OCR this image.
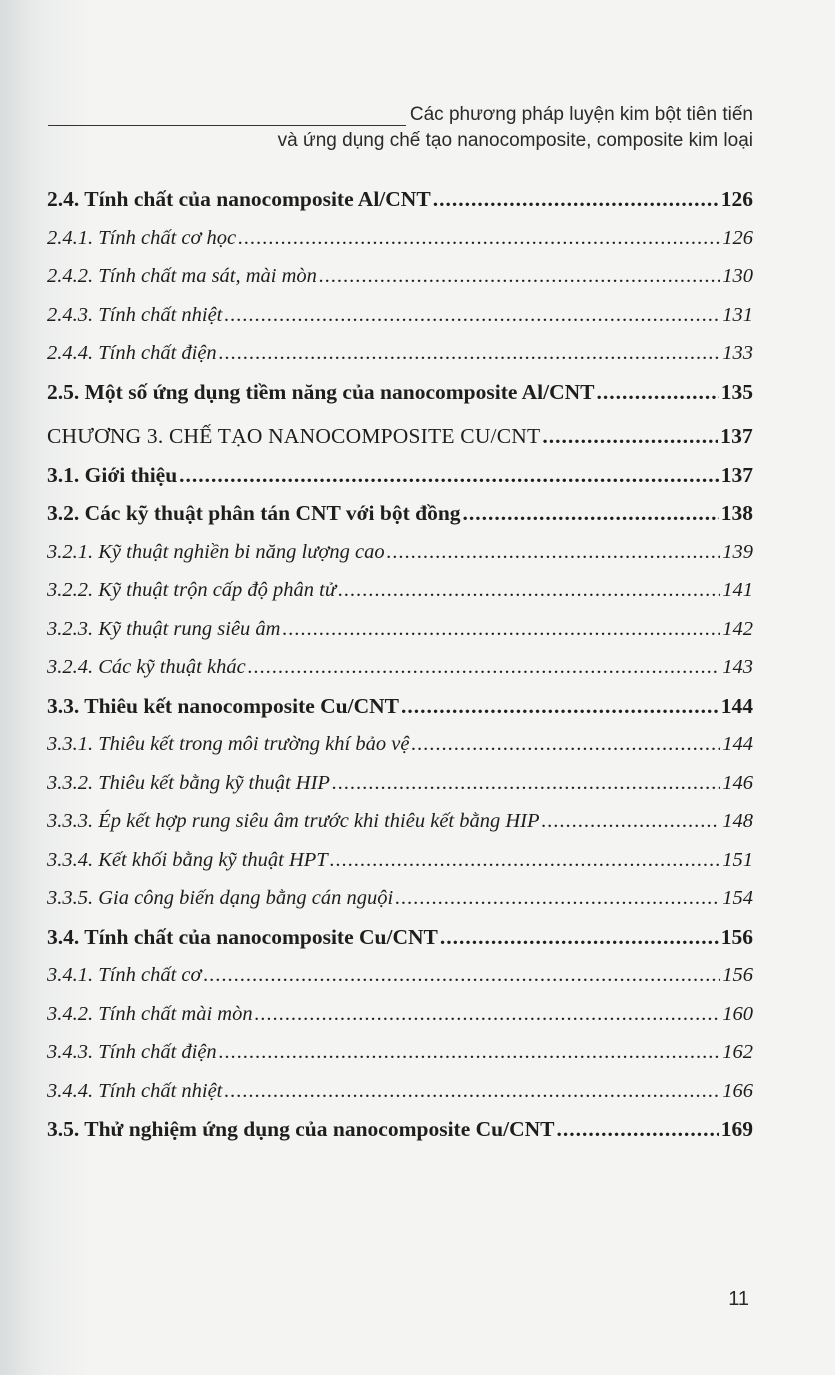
Các phương pháp luyện kim bột tiên tiến
và ứng dụng chế tạo nanocomposite, composite kim loại
2.4. Tính chất của nanocomposite Al/CNT .....	126
2.4.1. Tính chất cơ học .....	126
2.4.2. Tính chất ma sát, mài mòn .....	130
2.4.3. Tính chất nhiệt .....	131
2.4.4. Tính chất điện .....	133
2.5. Một số ứng dụng tiềm năng của nanocomposite Al/CNT .....	135
CHƯƠNG 3. CHẾ TẠO NANOCOMPOSITE CU/CNT .....	137
3.1. Giới thiệu .....	137
3.2. Các kỹ thuật phân tán CNT với bột đồng .....	138
3.2.1. Kỹ thuật nghiền bi năng lượng cao .....	139
3.2.2. Kỹ thuật trộn cấp độ phân tử .....	141
3.2.3. Kỹ thuật rung siêu âm .....	142
3.2.4. Các kỹ thuật khác .....	143
3.3. Thiêu kết nanocomposite Cu/CNT .....	144
3.3.1. Thiêu kết trong môi trường khí bảo vệ .....	144
3.3.2. Thiêu kết bằng kỹ thuật HIP .....	146
3.3.3. Ép kết hợp rung siêu âm trước khi thiêu kết bằng HIP .....	148
3.3.4. Kết khối bằng kỹ thuật HPT .....	151
3.3.5. Gia công biến dạng bằng cán nguội .....	154
3.4. Tính chất của nanocomposite Cu/CNT .....	156
3.4.1. Tính chất cơ .....	156
3.4.2. Tính chất mài mòn .....	160
3.4.3. Tính chất điện .....	162
3.4.4. Tính chất nhiệt .....	166
3.5. Thử nghiệm ứng dụng của nanocomposite Cu/CNT .....	169
11
